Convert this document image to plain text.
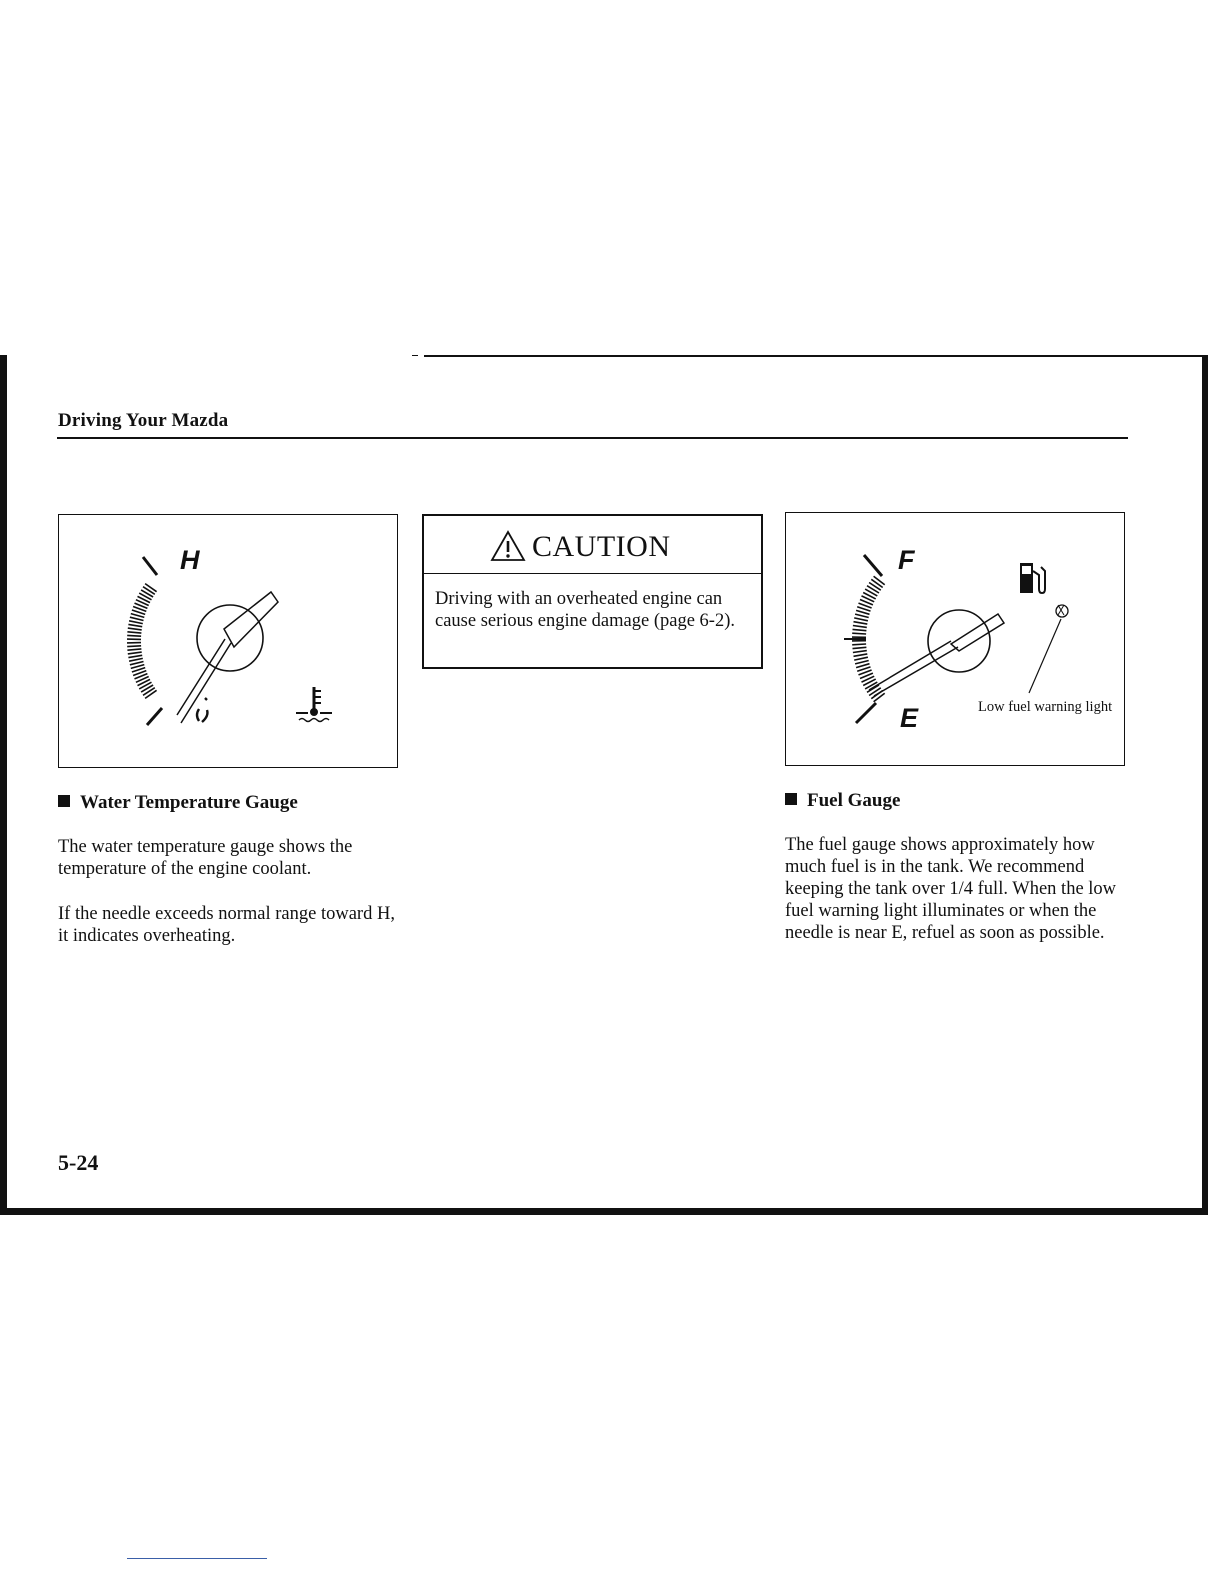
Driving Your Mazda
H	CAUTION
Driving with an overheated engine can cause serious engine damage (page 6-2).
F
E	Low fuel warning light
Water Temperature Gauge	Fuel Gauge
The water temperature gauge shows the temperature of the engine coolant.
If the needle exceeds normal range toward H, it indicates overheating.
The fuel gauge shows approximately how much fuel is in the tank. We recommend keeping the tank over 1/4 full. When the low fuel warning light illuminates or when the needle is near E, refuel as soon as possible.
5-24
